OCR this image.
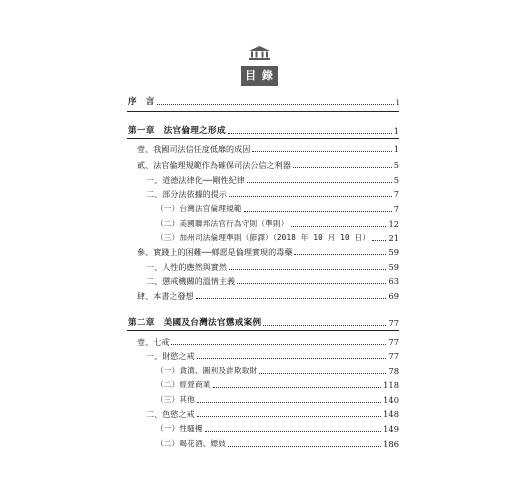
目 錄
序　言	i
第一章　法官倫理之形成	1
壹、我國司法信任度低靡的成因	1
貳、法官倫理規範作為確保司法公信之利器	5
一、道德法律化──剛性紀律	5
二、部分法依據的提示	7
（一）台灣法官倫理規範	7
（二）美國聯邦法官行為守則（準則）	12
（三）加州司法倫理準則（節譯）（2018 年 10 月 10 日） 21
參、實踐上的困難──鄉愿是倫理實現的毒藥	59
一、人性的應然與實然	59
二、懲戒機關的溫情主義	63
肆、本書之發想	69
第二章　美國及台灣法官懲戒案例	77
壹、七戒	77
一、財慾之戒	77
（一）貪濆、圖利及詐欺取財	78
（二）經營商業	118
（三）其他	140
二、色慾之戒	148
（一）性騷擾	149
（二）喝花酒、嫖妓	186
